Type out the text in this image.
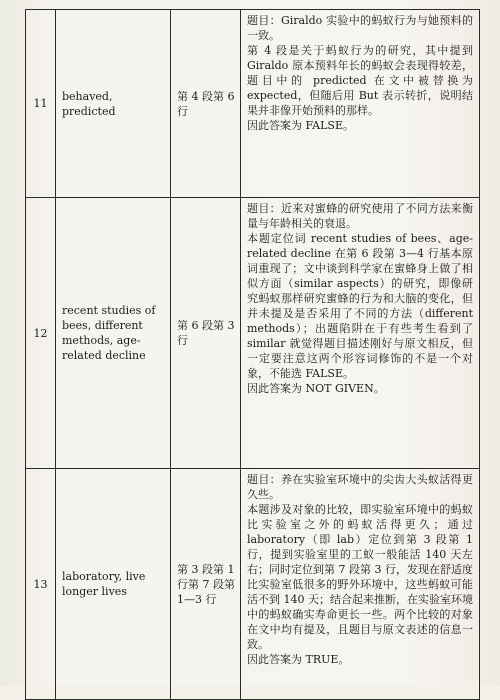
11	behaved, predicted	第 4 段第 6 行	题目：Giraldo 实验中的蚂蚁行为与她预料的一致。

第 4 段是关于蚂蚁行为的研究，其中提到 Giraldo 原本预料年长的蚂蚁会表现得较差，题目中的 predicted 在文中被替换为 expected，但随后用 But 表示转折，说明结果并非像开始预料的那样。

因此答案为 FALSE。

12	recent studies of bees, different methods, age-related decline	第 6 段第 3 行	题目：近来对蜜蜂的研究使用了不同方法来衡量与年龄相关的衰退。

本题定位词 recent studies of bees、age-related decline 在第 6 段第 3—4 行基本原词重现了；文中谈到科学家在蜜蜂身上做了相似方面（similar aspects）的研究，即像研究蚂蚁那样研究蜜蜂的行为和大脑的变化，但并未提及是否采用了不同的方法（different methods）；出题陷阱在于有些考生看到了 similar 就觉得题目描述刚好与原文相反，但一定要注意这两个形容词修饰的不是一个对象，不能选 FALSE。

因此答案为 NOT GIVEN。

13	laboratory, live longer lives	第 3 段第 1 行第 7 段第 1—3 行	题目：养在实验室环境中的尖齿大头蚁活得更久些。

本题涉及对象的比较，即实验室环境中的蚂蚁比实验室之外的蚂蚁活得更久；通过 laboratory（即 lab）定位到第 3 段第 1 行，提到实验室里的工蚁一般能活 140 天左右；同时定位到第 7 段第 3 行，发现在舒适度比实验室低很多的野外环境中，这些蚂蚁可能活不到 140 天；结合起来推断，在实验室环境中的蚂蚁确实寿命更长一些。两个比较的对象在文中均有提及，且题目与原文表述的信息一致。

因此答案为 TRUE。
